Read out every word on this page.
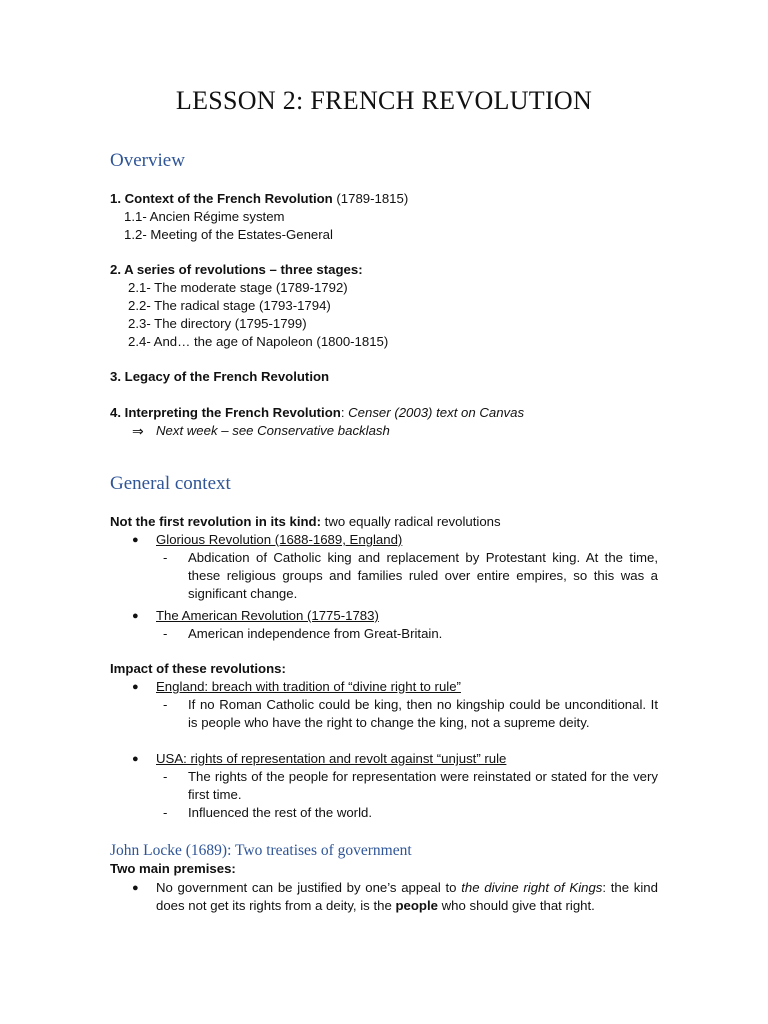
LESSON 2: FRENCH REVOLUTION
Overview
1. Context of the French Revolution (1789-1815)
1.1- Ancien Régime system
1.2- Meeting of the Estates-General
2. A series of revolutions – three stages:
2.1- The moderate stage (1789-1792)
2.2- The radical stage (1793-1794)
2.3- The directory (1795-1799)
2.4- And… the age of Napoleon (1800-1815)
3. Legacy of the French Revolution
4. Interpreting the French Revolution: Censer (2003) text on Canvas
⇒ Next week – see Conservative backlash
General context
Not the first revolution in its kind: two equally radical revolutions
● Glorious Revolution (1688-1689, England)
- Abdication of Catholic king and replacement by Protestant king. At the time, these religious groups and families ruled over entire empires, so this was a significant change.
● The American Revolution (1775-1783)
- American independence from Great-Britain.
Impact of these revolutions:
● England: breach with tradition of “divine right to rule”
- If no Roman Catholic could be king, then no kingship could be unconditional. It is people who have the right to change the king, not a supreme deity.
● USA: rights of representation and revolt against “unjust” rule
- The rights of the people for representation were reinstated or stated for the very first time.
- Influenced the rest of the world.
John Locke (1689): Two treatises of government
Two main premises:
● No government can be justified by one’s appeal to the divine right of Kings: the kind does not get its rights from a deity, is the people who should give that right.
